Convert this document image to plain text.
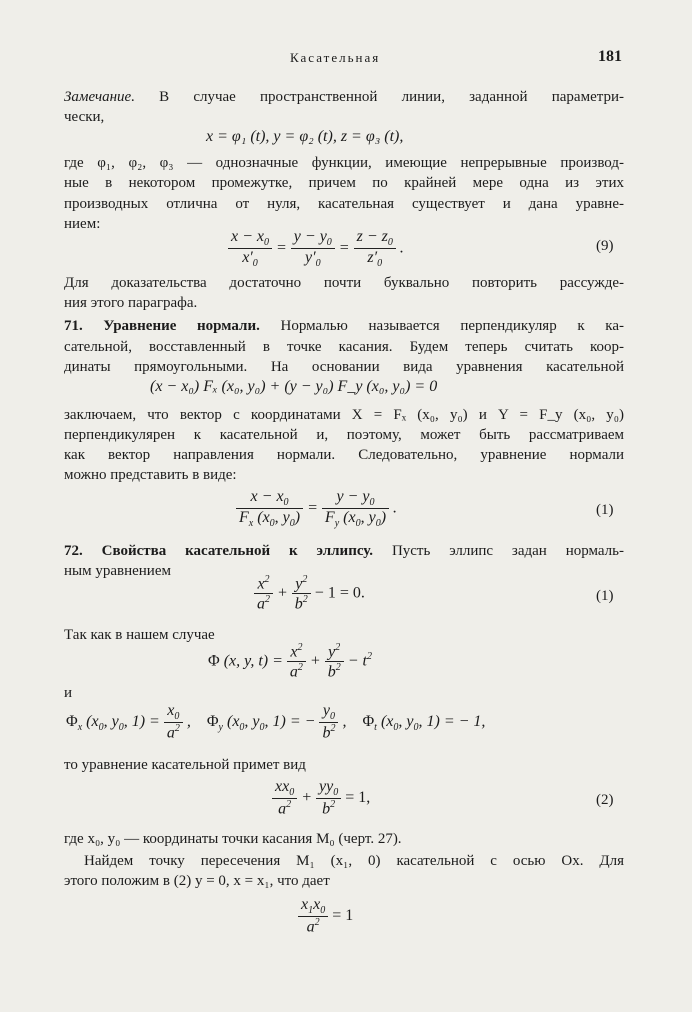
Касательная	181
Замечание. В случае пространственной линии, заданной параметри-
чески,
x = φ₁ (t), y = φ₂ (t), z = φ₃ (t),
где φ₁, φ₂, φ₃ — однозначные функции, имеющие непрерывные производ-
ные в некотором промежутке, причем по крайней мере одна из этих
производных отлична от нуля, касательная существует и дана уравне-
нием:
$\frac{x - x_0}{x'_0} = \frac{y - y_0}{y'_0} = \frac{z - z_0}{z'_0}$ .	(9)
Для доказательства достаточно почти буквально повторить рассужде-
ния этого параграфа.
71. Уравнение нормали. Нормалью называется перпендикуляр к ка-
сательной, восставленный в точке касания. Будем теперь считать коор-
динаты прямоугольными. На основании вида уравнения касательной
(x − x₀) Fₓ (x₀, y₀) + (y − y₀) F_y (x₀, y₀) = 0
заключаем, что вектор с координатами X = Fₓ (x₀, y₀) и Y = F_y (x₀, y₀)
перпендикулярен к касательной и, поэтому, может быть рассматриваем
как вектор направления нормали. Следовательно, уравнение нормали
можно представить в виде:
$\frac{x - x_0}{F_x (x_0, y_0)} = \frac{y - y_0}{F_y (x_0, y_0)}$ .	(1)
72. Свойства касательной к эллипсу. Пусть эллипс задан нормаль-
ным уравнением
$\frac{x^2}{a^2} + \frac{y^2}{b^2} - 1 = 0$.	(1)
Так как в нашем случае
Φ (x, y, $t) = \frac{x^2}{a^2} + \frac{y^2}{b^2} - t^2$
и
$\Phi_x$ ($x_0$, $y_0$, $1) = \frac{x_0}{a^2}$ ,    $\Phi_y$ ($x_0$, $y_0$, 1) = − $\frac{y_0}{b^2}$ ,    $\Phi_t$ ($x_0$, $y_0$, 1) = − 1,
то уравнение касательной примет вид
$\frac{xx_0}{a^2} + \frac{yy_0}{b^2} = 1$,	(2)
где x₀, y₀ — координаты точки касания M₀ (черт. 27).
Найдем точку пересечения M₁ (x₁, 0) касательной с осью Ox. Для
этого положим в (2) y = 0, x = x₁, что дает
$\frac{x_1x_0}{a^2} = 1$
